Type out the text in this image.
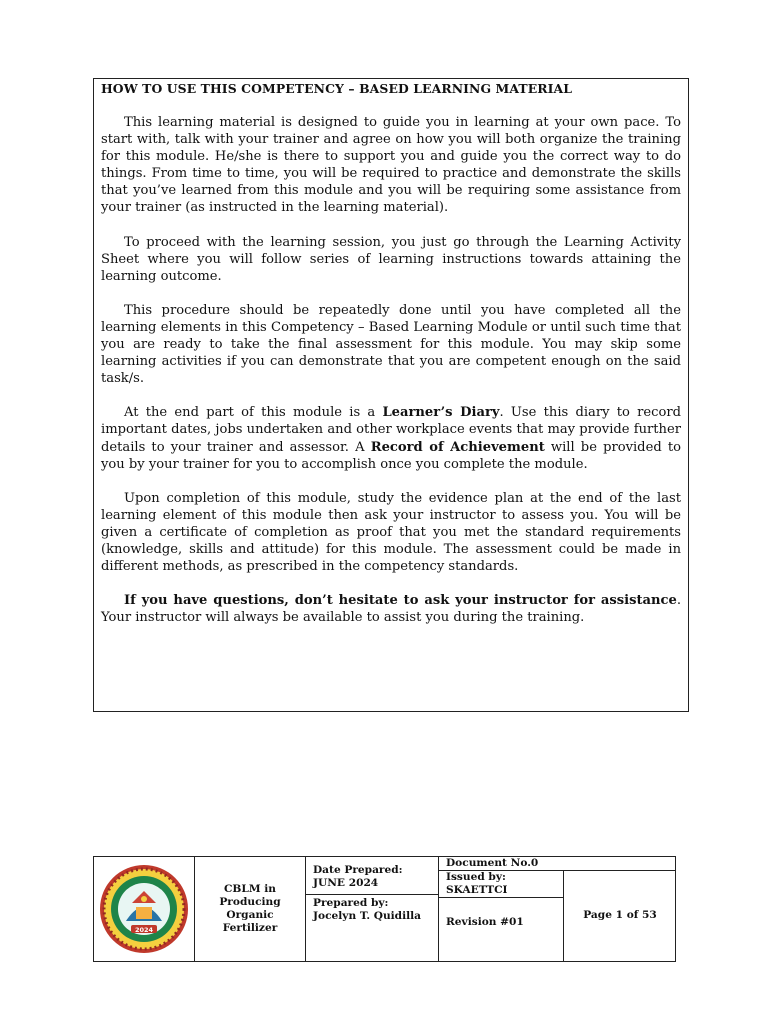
HOW TO USE THIS COMPETENCY – BASED LEARNING MATERIAL

This learning material is designed to guide you in learning at your own pace. To start with, talk with your trainer and agree on how you will both organize the training for this module. He/she is there to support you and guide you the correct way to do things. From time to time, you will be required to practice and demonstrate the skills that you’ve learned from this module and you will be requiring some assistance from your trainer (as instructed in the learning material).

To proceed with the learning session, you just go through the Learning Activity Sheet where you will follow series of learning instructions towards attaining the learning outcome.

This procedure should be repeatedly done until you have completed all the learning elements in this Competency – Based Learning Module or until such time that you are ready to take the final assessment for this module. You may skip some learning activities if you can demonstrate that you are competent enough on the said task/s.

At the end part of this module is a Learner’s Diary. Use this diary to record important dates, jobs undertaken and other workplace events that may provide further details to your trainer and assessor. A Record of Achievement will be provided to you by your trainer for you to accomplish once you complete the module.

Upon completion of this module, study the evidence plan at the end of the last learning element of this module then ask your instructor to assess you. You will be given a certificate of completion as proof that you met the standard requirements (knowledge, skills and attitude) for this module. The assessment could be made in different methods, as prescribed in the competency standards.

If you have questions, don’t hesitate to ask your instructor for assistance. Your instructor will always be available to assist you during the training.

2024
CBLM in Producing Organic Fertilizer
Date Prepared:
JUNE 2024
Prepared by:
Jocelyn T. Quidilla
Document No.0
Issued by:
SKAETTCI
Revision #01
Page 1 of 53
